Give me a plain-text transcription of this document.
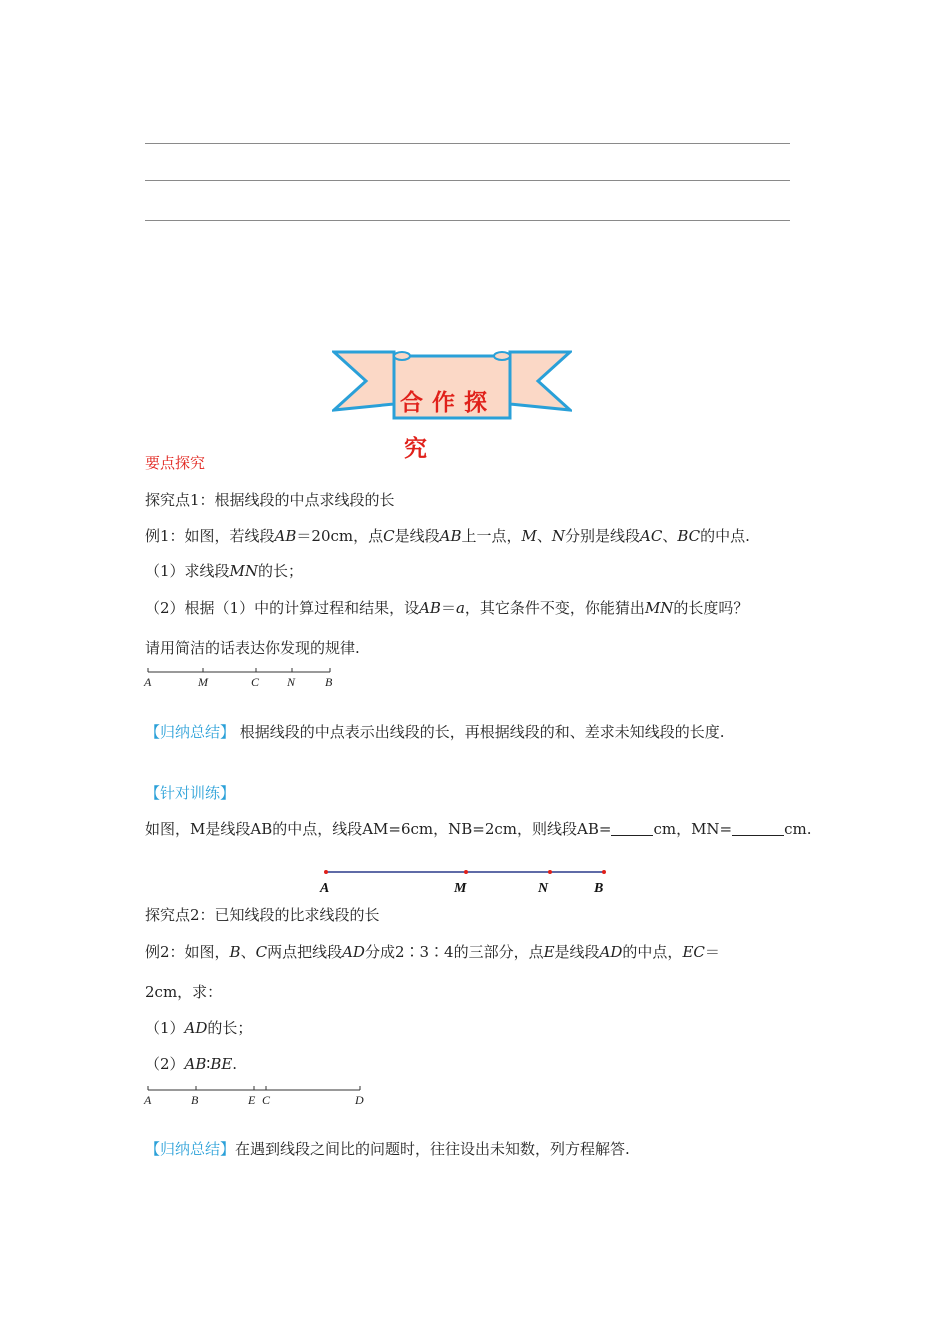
合作探
究
要点探究
探究点1：根据线段的中点求线段的长
例1：如图，若线段AB＝20cm，点C是线段AB上一点，M、N分别是线段AC、BC的中点.
（1）求线段MN的长；
（2）根据（1）中的计算过程和结果，设AB＝a，其它条件不变，你能猜出MN的长度吗？
请用简洁的话表达你发现的规律.
A	M	C N B
【归纳总结】 根据线段的中点表示出线段的长，再根据线段的和、差求未知线段的长度.
【针对训练】
如图，M是线段AB的中点，线段AM=6cm，NB=2cm，则线段AB=	cm，MN=	cm.
A	M	N	B
探究点2：已知线段的比求线段的长
例2：如图，B、C两点把线段AD分成2∶3∶4的三部分，点E是线段AD的中点，EC＝
2cm，求：
（1）AD的长；
（2）AB∶BE.
A	B	E C	D
【归纳总结】在遇到线段之间比的问题时，往往设出未知数，列方程解答.
